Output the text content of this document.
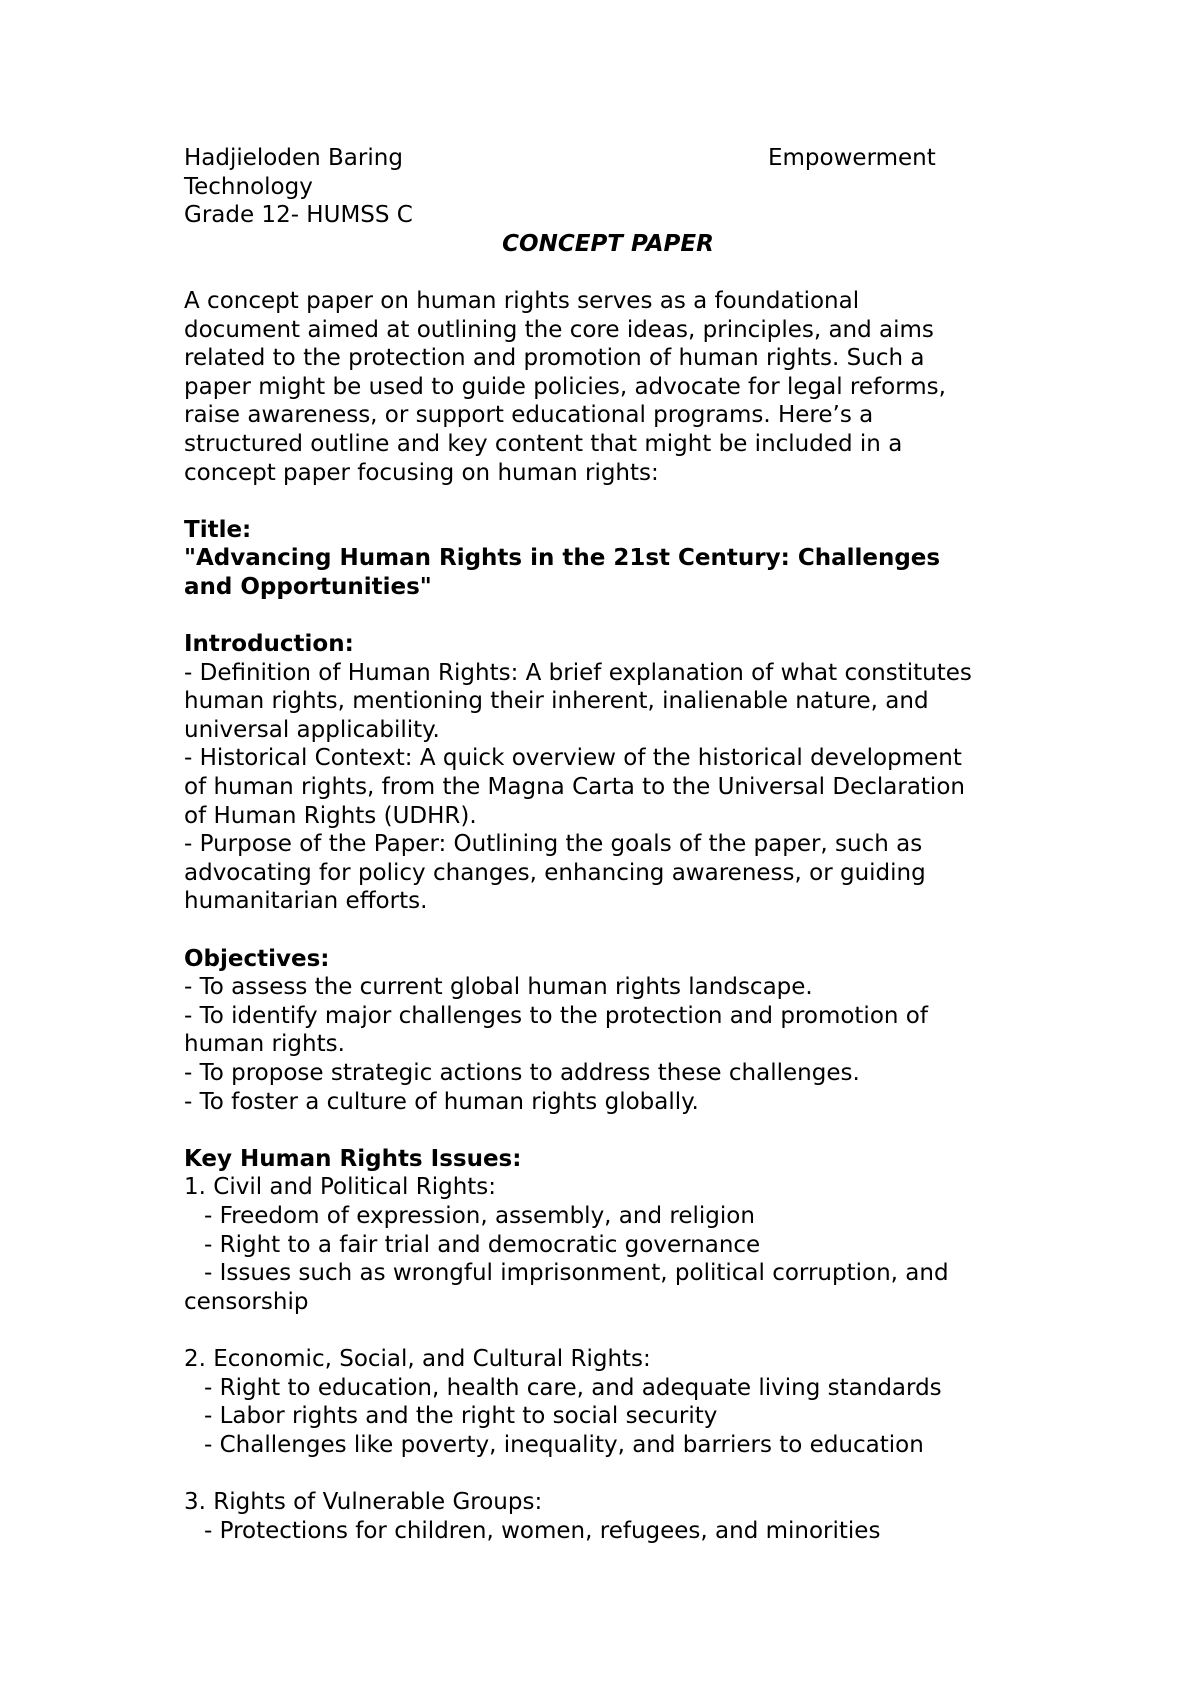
Hadjieloden Baring	Empowerment
Technology
Grade 12- HUMSS C
CONCEPT PAPER
A concept paper on human rights serves as a foundational
document aimed at outlining the core ideas, principles, and aims
related to the protection and promotion of human rights. Such a
paper might be used to guide policies, advocate for legal reforms,
raise awareness, or support educational programs. Here’s a
structured outline and key content that might be included in a
concept paper focusing on human rights:
Title:
"Advancing Human Rights in the 21st Century: Challenges
and Opportunities"
Introduction:
- Definition of Human Rights: A brief explanation of what constitutes
human rights, mentioning their inherent, inalienable nature, and
universal applicability.
- Historical Context: A quick overview of the historical development
of human rights, from the Magna Carta to the Universal Declaration
of Human Rights (UDHR).
- Purpose of the Paper: Outlining the goals of the paper, such as
advocating for policy changes, enhancing awareness, or guiding
humanitarian efforts.
Objectives:
- To assess the current global human rights landscape.
- To identify major challenges to the protection and promotion of
human rights.
- To propose strategic actions to address these challenges.
- To foster a culture of human rights globally.
Key Human Rights Issues:
1. Civil and Political Rights:
- Freedom of expression, assembly, and religion
- Right to a fair trial and democratic governance
- Issues such as wrongful imprisonment, political corruption, and
censorship
2. Economic, Social, and Cultural Rights:
- Right to education, health care, and adequate living standards
- Labor rights and the right to social security
- Challenges like poverty, inequality, and barriers to education
3. Rights of Vulnerable Groups:
- Protections for children, women, refugees, and minorities
